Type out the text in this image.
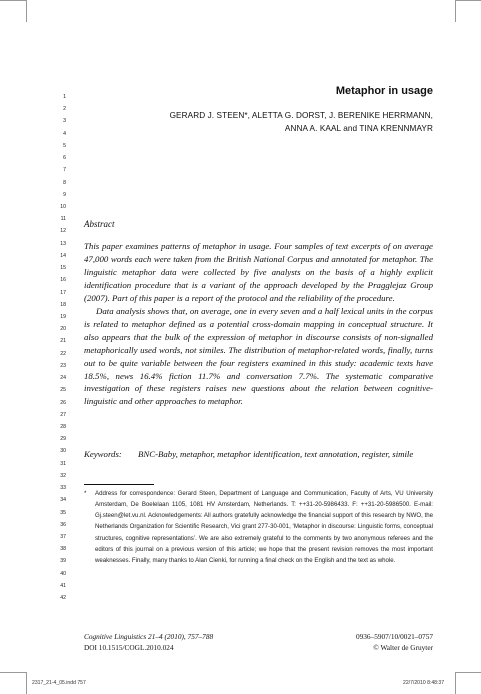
1
2
3
4
5
6
7
8
9
10
11
12
13
14
15
16
17
18
19
20
21
22
23
24
25
26
27
28
29
30
31
32
33
34
35
36
37
38
39
40
41
42
Metaphor in usage
GERARD J. STEEN*, ALETTA G. DORST, J. BERENIKE HERRMANN,
ANNA A. KAAL and TINA KRENNMAYR
Abstract

This paper examines patterns of metaphor in usage. Four samples of text excerpts of on average 47,000 words each were taken from the British National Corpus and annotated for metaphor. The linguistic metaphor data were collected by five analysts on the basis of a highly explicit identification procedure that is a variant of the approach developed by the Pragglejaz Group (2007). Part of this paper is a report of the protocol and the reliability of the procedure.

Data analysis shows that, on average, one in every seven and a half lexical units in the corpus is related to metaphor defined as a potential cross-domain mapping in conceptual structure. It also appears that the bulk of the expression of metaphor in discourse consists of non-signalled metaphorically used words, not similes. The distribution of metaphor-related words, finally, turns out to be quite variable between the four registers examined in this study: academic texts have 18.5%, news 16.4% fiction 11.7% and conversation 7.7%. The systematic comparative investigation of these registers raises new questions about the relation between cognitive-linguistic and other approaches to metaphor.

Keywords: BNC-Baby, metaphor, metaphor identification, text annotation, register, simile
*	Address for correspondence: Gerard Steen, Department of Language and Communication, Faculty of Arts, VU University Amsterdam, De Boelelaan 1105, 1081 HV Amsterdam, Netherlands. T: ++31-20-5986433. F: ++31-20-5986500. E-mail: Gj.steen@let.vu.nl. Acknowledgements: All authors gratefully acknowledge the financial support of this research by NWO, the Netherlands Organization for Scientific Research, Vici grant 277-30-001, ‘Metaphor in discourse: Linguistic forms, conceptual structures, cognitive representations’. We are also extremely grateful to the comments by two anonymous referees and the editors of this journal on a previous version of this article; we hope that the present revision removes the most important weaknesses. Finally, many thanks to Alan Cienki, for running a final check on the English and the text as whole.
Cognitive Linguistics 21–4 (2010), 757–788
DOI 10.1515/COGL.2010.024
0936–5907/10/0021–0757
© Walter de Gruyter
2317_21-4_05.indd 757	22/7/2010 8:48:37
